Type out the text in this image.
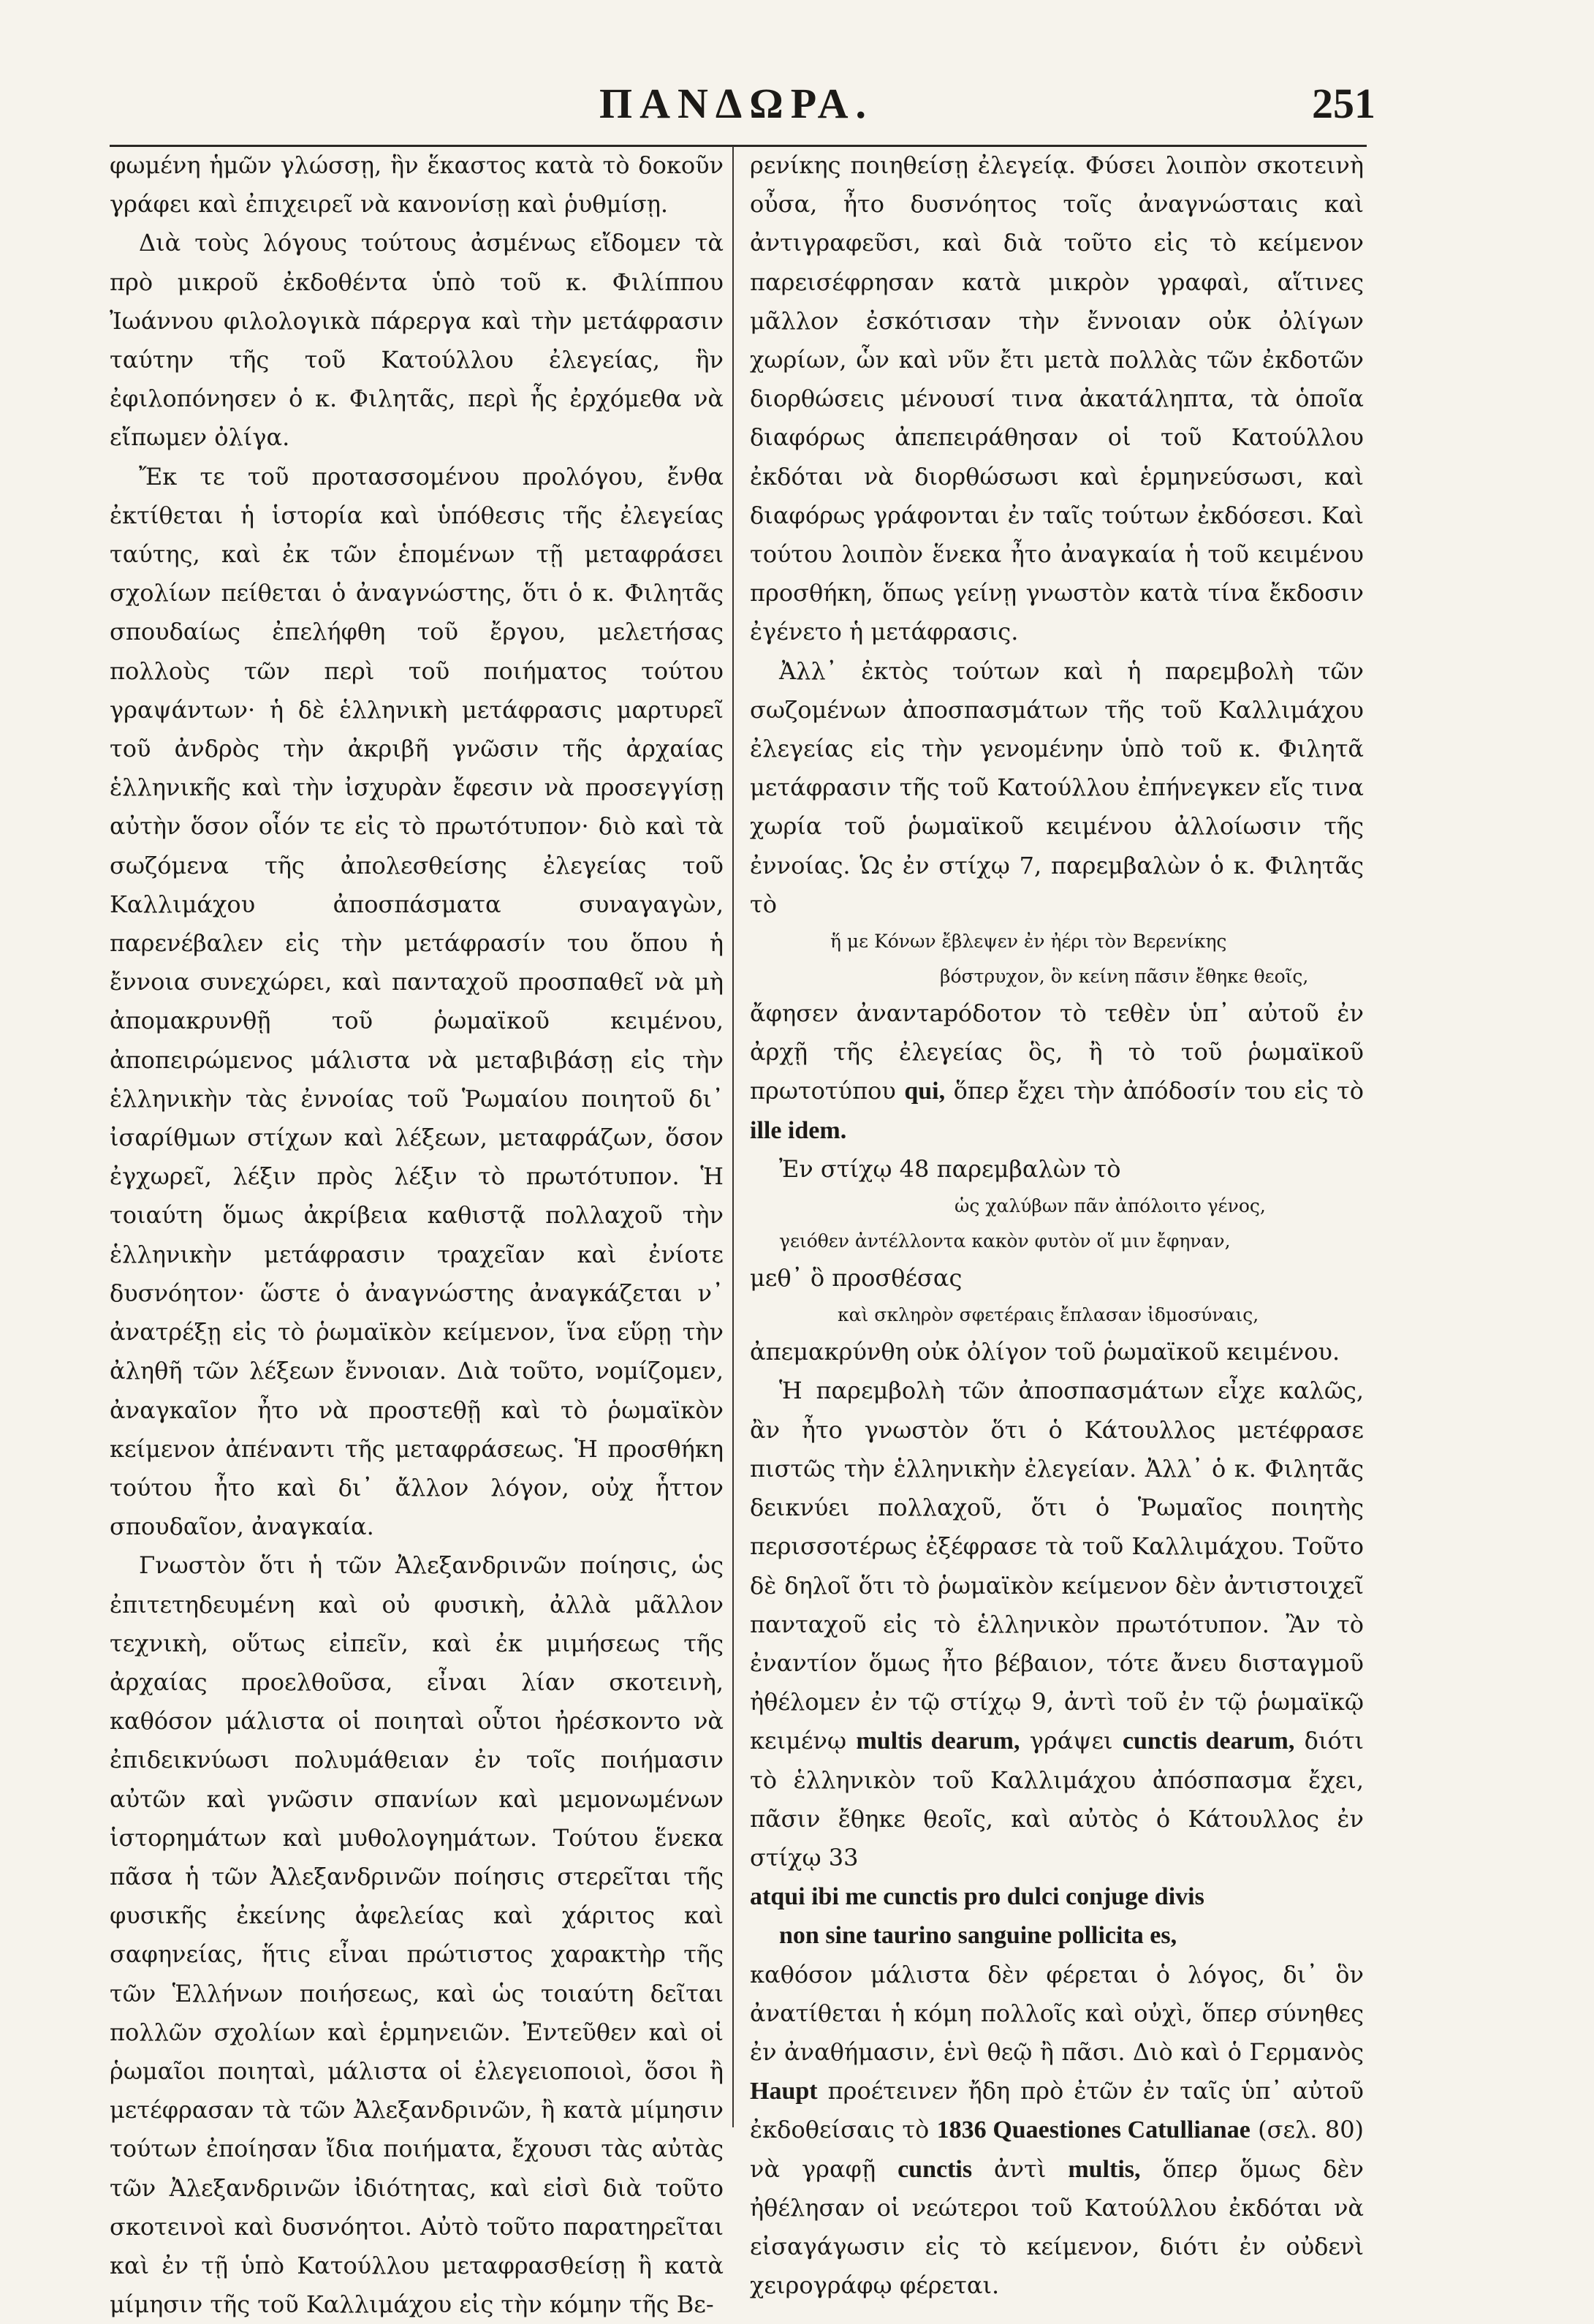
ΠΑΝΔΩΡΑ.	251

φωμένη ἡμῶν γλώσσῃ, ἣν ἕκαστος κατὰ τὸ δοκοῦν γράφει καὶ ἐπιχειρεῖ νὰ κανονίσῃ καὶ ῥυθμίσῃ.

Διὰ τοὺς λόγους τούτους ἀσμένως εἴδομεν τὰ πρὸ μικροῦ ἐκδοθέντα ὑπὸ τοῦ κ. Φιλίππου Ἰωάννου φιλολογικὰ πάρεργα καὶ τὴν μετάφρασιν ταύτην τῆς τοῦ Κατούλλου ἐλεγείας, ἣν ἐφιλοπόνησεν ὁ κ. Φιλητᾶς, περὶ ἧς ἐρχόμεθα νὰ εἴπωμεν ὀλίγα.

Ἔκ τε τοῦ προτασσομένου προλόγου, ἔνθα ἐκτίθεται ἡ ἱστορία καὶ ὑπόθεσις τῆς ἐλεγείας ταύτης, καὶ ἐκ τῶν ἑπομένων τῇ μεταφράσει σχολίων πείθεται ὁ ἀναγνώστης, ὅτι ὁ κ. Φιλητᾶς σπουδαίως ἐπελήφθη τοῦ ἔργου, μελετήσας πολλοὺς τῶν περὶ τοῦ ποιήματος τούτου γραψάντων· ἡ δὲ ἑλληνικὴ μετάφρασις μαρτυρεῖ τοῦ ἀνδρὸς τὴν ἀκριβῆ γνῶσιν τῆς ἀρχαίας ἑλληνικῆς καὶ τὴν ἰσχυρὰν ἔφεσιν νὰ προσεγγίσῃ αὐτὴν ὅσον οἷόν τε εἰς τὸ πρωτότυπον· διὸ καὶ τὰ σωζόμενα τῆς ἀπολεσθείσης ἐλεγείας τοῦ Καλλιμάχου ἀποσπάσματα συναγαγὼν, παρενέβαλεν εἰς τὴν μετάφρασίν του ὅπου ἡ ἔννοια συνεχώρει, καὶ πανταχοῦ προσπαθεῖ νὰ μὴ ἀπομακρυνθῇ τοῦ ῥωμαϊκοῦ κειμένου, ἀποπειρώμενος μάλιστα νὰ μεταβιβάσῃ εἰς τὴν ἑλληνικὴν τὰς ἐννοίας τοῦ Ῥωμαίου ποιητοῦ δι᾽ ἰσαρίθμων στίχων καὶ λέξεων, μεταφράζων, ὅσον ἐγχωρεῖ, λέξιν πρὸς λέξιν τὸ πρωτότυπον. Ἡ τοιαύτη ὅμως ἀκρίβεια καθιστᾷ πολλαχοῦ τὴν ἑλληνικὴν μετάφρασιν τραχεῖαν καὶ ἐνίοτε δυσνόητον· ὥστε ὁ ἀναγνώστης ἀναγκάζεται ν᾽ ἀνατρέξῃ εἰς τὸ ῥωμαϊκὸν κείμενον, ἵνα εὕρῃ τὴν ἀληθῆ τῶν λέξεων ἔννοιαν. Διὰ τοῦτο, νομίζομεν, ἀναγκαῖον ἦτο νὰ προστεθῇ καὶ τὸ ῥωμαϊκὸν κείμενον ἀπέναντι τῆς μεταφράσεως. Ἡ προσθήκη τούτου ἦτο καὶ δι᾽ ἄλλον λόγον, οὐχ ἧττον σπουδαῖον, ἀναγκαία.

Γνωστὸν ὅτι ἡ τῶν Ἀλεξανδρινῶν ποίησις, ὡς ἐπιτετηδευμένη καὶ οὐ φυσικὴ, ἀλλὰ μᾶλλον τεχνικὴ, οὕτως εἰπεῖν, καὶ ἐκ μιμήσεως τῆς ἀρχαίας προελθοῦσα, εἶναι λίαν σκοτεινὴ, καθόσον μάλιστα οἱ ποιηταὶ οὗτοι ἠρέσκοντο νὰ ἐπιδεικνύωσι πολυμάθειαν ἐν τοῖς ποιήμασιν αὐτῶν καὶ γνῶσιν σπανίων καὶ μεμονωμένων ἱστορημάτων καὶ μυθολογημάτων. Τούτου ἕνεκα πᾶσα ἡ τῶν Ἀλεξανδρινῶν ποίησις στερεῖται τῆς φυσικῆς ἐκείνης ἀφελείας καὶ χάριτος καὶ σαφηνείας, ἥτις εἶναι πρώτιστος χαρακτὴρ τῆς τῶν Ἑλλήνων ποιήσεως, καὶ ὡς τοιαύτη δεῖται πολλῶν σχολίων καὶ ἑρμηνειῶν. Ἐντεῦθεν καὶ οἱ ῥωμαῖοι ποιηταὶ, μάλιστα οἱ ἐλεγειοποιοὶ, ὅσοι ἢ μετέφρασαν τὰ τῶν Ἀλεξανδρινῶν, ἢ κατὰ μίμησιν τούτων ἐποίησαν ἴδια ποιήματα, ἔχουσι τὰς αὐτὰς τῶν Ἀλεξανδρινῶν ἰδιότητας, καὶ εἰσὶ διὰ τοῦτο σκοτεινοὶ καὶ δυσνόητοι. Αὐτὸ τοῦτο παρατηρεῖται καὶ ἐν τῇ ὑπὸ Κατούλλου μεταφρασθείσῃ ἢ κατὰ μίμησιν τῆς τοῦ Καλλιμάχου εἰς τὴν κόμην τῆς Βε-

ρενίκης ποιηθείσῃ ἐλεγείᾳ. Φύσει λοιπὸν σκοτεινὴ οὖσα, ἦτο δυσνόητος τοῖς ἀναγνώσταις καὶ ἀντιγραφεῦσι, καὶ διὰ τοῦτο εἰς τὸ κείμενον παρεισέφρησαν κατὰ μικρὸν γραφαὶ, αἵτινες μᾶλλον ἐσκότισαν τὴν ἔννοιαν οὐκ ὀλίγων χωρίων, ὧν καὶ νῦν ἔτι μετὰ πολλὰς τῶν ἐκδοτῶν διορθώσεις μένουσί τινα ἀκατάληπτα, τὰ ὁποῖα διαφόρως ἀπεπειράθησαν οἱ τοῦ Κατούλλου ἐκδόται νὰ διορθώσωσι καὶ ἑρμηνεύσωσι, καὶ διαφόρως γράφονται ἐν ταῖς τούτων ἐκδόσεσι. Καὶ τούτου λοιπὸν ἕνεκα ἦτο ἀναγκαία ἡ τοῦ κειμένου προσθήκη, ὅπως γείνῃ γνωστὸν κατὰ τίνα ἔκδοσιν ἐγένετο ἡ μετάφρασις.

Ἀλλ᾽ ἐκτὸς τούτων καὶ ἡ παρεμβολὴ τῶν σωζομένων ἀποσπασμάτων τῆς τοῦ Καλλιμάχου ἐλεγείας εἰς τὴν γενομένην ὑπὸ τοῦ κ. Φιλητᾶ μετάφρασιν τῆς τοῦ Κατούλλου ἐπήνεγκεν εἴς τινα χωρία τοῦ ῥωμαϊκοῦ κειμένου ἀλλοίωσιν τῆς ἐννοίας. Ὡς ἐν στίχῳ 7, παρεμβαλὼν ὁ κ. Φιλητᾶς τὸ

ἥ με Κόνων ἔβλεψεν ἐν ἠέρι τὸν Βερενίκης

βόστρυχον, ὃν κείνη πᾶσιν ἔθηκε θεοῖς,

ἄφησεν ἀναντapóδοτον τὸ τεθὲν ὑπ᾽ αὐτοῦ ἐν ἀρχῇ τῆς ἐλεγείας ὃς, ἢ τὸ τοῦ ῥωμαϊκοῦ πρωτοτύπου qui, ὅπερ ἔχει τὴν ἀπόδοσίν του εἰς τὸ ille idem.

Ἐν στίχῳ 48 παρεμβαλὼν τὸ

ὡς χαλύβων πᾶν ἀπόλοιτο γένος,

γειόθεν ἀντέλλοντα κακὸν φυτὸν οἵ μιν ἔφηναν,

μεθ᾽ ὃ προσθέσας

καὶ σκληρὸν σφετέραις ἔπλασαν ἰδμοσύναις,

ἀπεμακρύνθη οὐκ ὀλίγον τοῦ ῥωμαϊκοῦ κειμένου.

Ἡ παρεμβολὴ τῶν ἀποσπασμάτων εἶχε καλῶς, ἂν ἦτο γνωστὸν ὅτι ὁ Κάτουλλος μετέφρασε πιστῶς τὴν ἑλληνικὴν ἐλεγείαν. Ἀλλ᾽ ὁ κ. Φιλητᾶς δεικνύει πολλαχοῦ, ὅτι ὁ Ῥωμαῖος ποιητὴς περισσοτέρως ἐξέφρασε τὰ τοῦ Καλλιμάχου. Τοῦτο δὲ δηλοῖ ὅτι τὸ ῥωμαϊκὸν κείμενον δὲν ἀντιστοιχεῖ πανταχοῦ εἰς τὸ ἑλληνικὸν πρωτότυπον. Ἂν τὸ ἐναντίον ὅμως ἦτο βέβαιον, τότε ἄνευ δισταγμοῦ ἠθέλομεν ἐν τῷ στίχῳ 9, ἀντὶ τοῦ ἐν τῷ ῥωμαϊκῷ κειμένῳ multis dearum, γράψει cunctis dearum, διότι τὸ ἑλληνικὸν τοῦ Καλλιμάχου ἀπόσπασμα ἔχει, πᾶσιν ἔθηκε θεοῖς, καὶ αὐτὸς ὁ Κάτουλλος ἐν στίχῳ 33

atqui ibi me cunctis pro dulci conjuge divis

non sine taurino sanguine pollicita es,

καθόσον μάλιστα δὲν φέρεται ὁ λόγος, δι᾽ ὃν ἀνατίθεται ἡ κόμη πολλοῖς καὶ οὐχὶ, ὅπερ σύνηθες ἐν ἀναθήμασιν, ἑνὶ θεῷ ἢ πᾶσι. Διὸ καὶ ὁ Γερμανὸς Haupt προέτεινεν ἤδη πρὸ ἐτῶν ἐν ταῖς ὑπ᾽ αὐτοῦ ἐκδοθείσαις τὸ 1836 Quaestiones Catullianae (σελ. 80) νὰ γραφῇ cunctis ἀντὶ multis, ὅπερ ὅμως δὲν ἠθέλησαν οἱ νεώτεροι τοῦ Κατούλλου ἐκδόται νὰ εἰσαγάγωσιν εἰς τὸ κείμενον, διότι ἐν οὐδενὶ χειρογράφῳ φέρεται.
